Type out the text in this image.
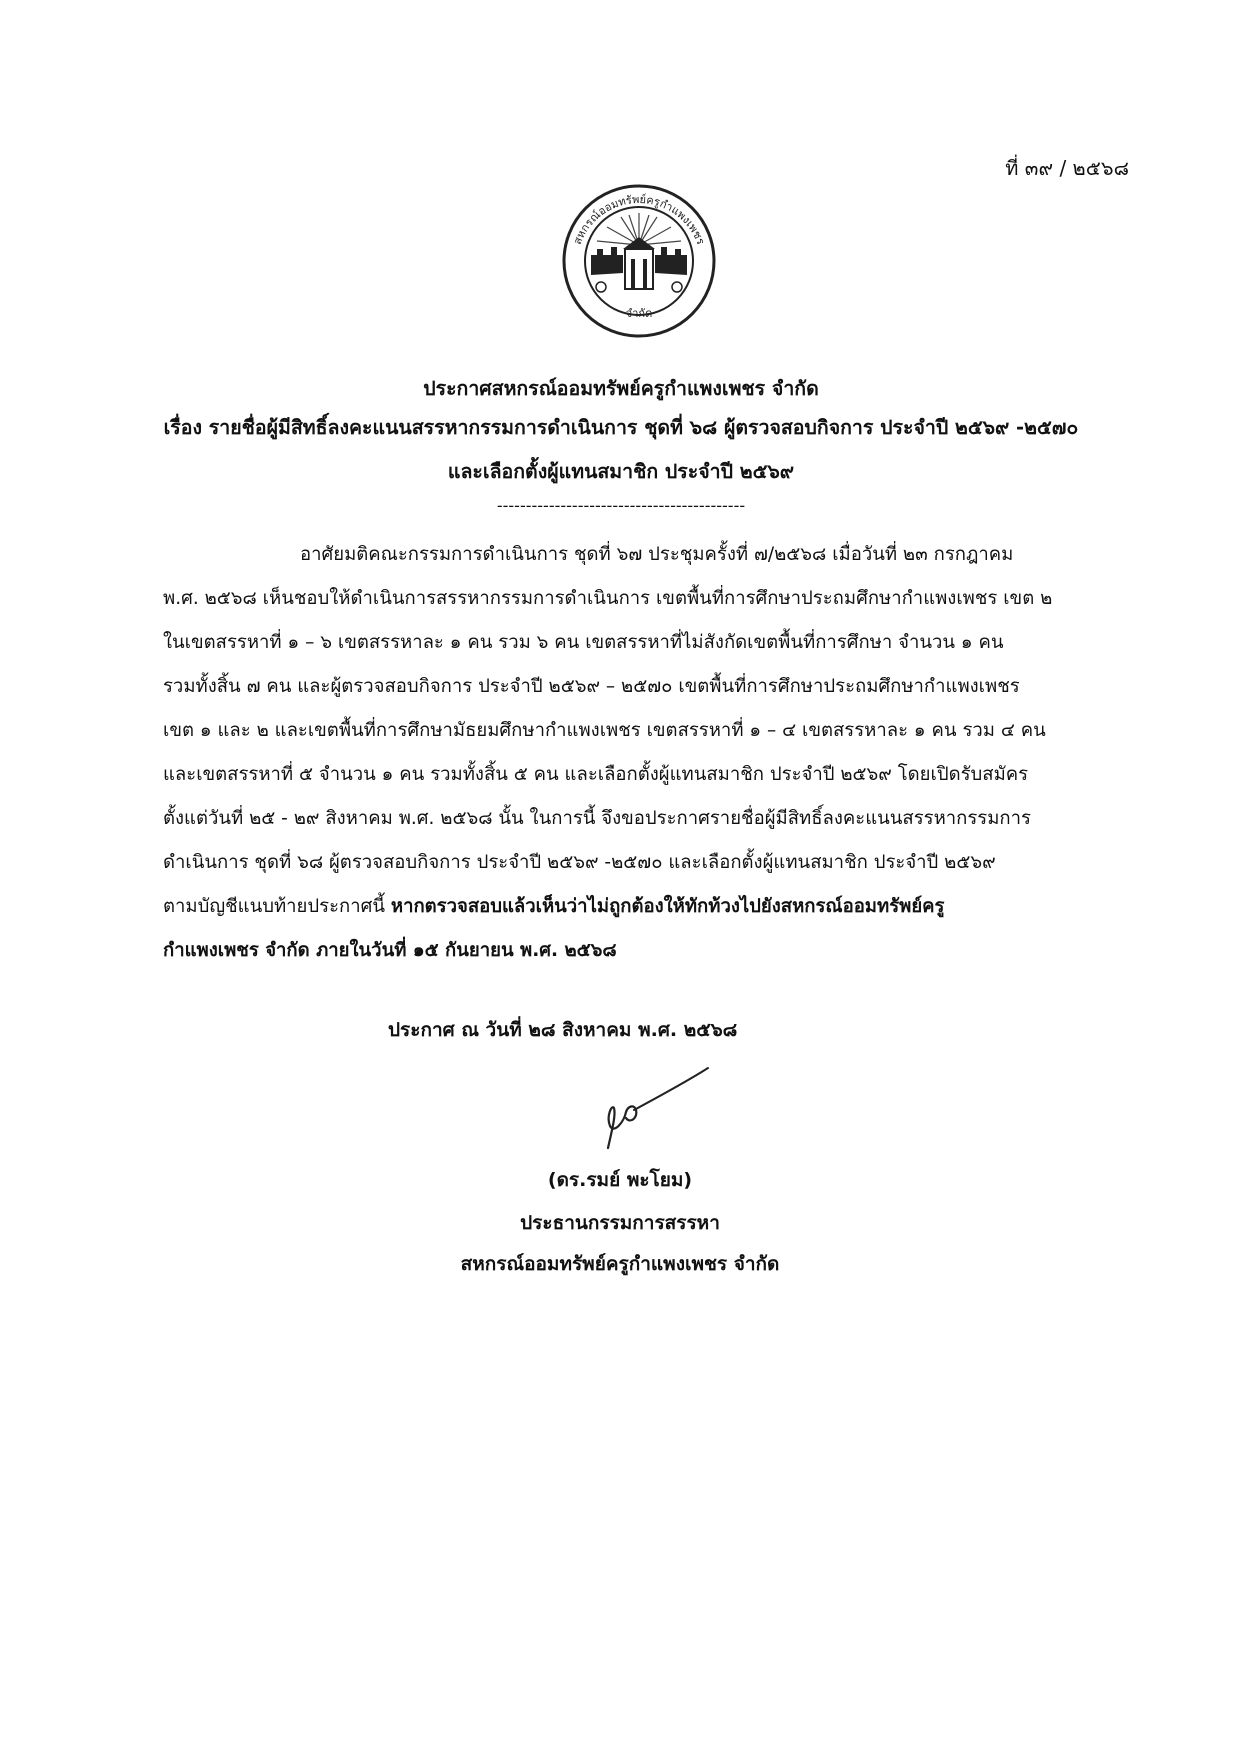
ที่ ๓๙ / ๒๕๖๘
สหกรณ์ออมทรัพย์ครูกำแพงเพชร
จำกัด
ประกาศสหกรณ์ออมทรัพย์ครูกำแพงเพชร จำกัด
เรื่อง รายชื่อผู้มีสิทธิ์ลงคะแนนสรรหากรรมการดำเนินการ ชุดที่ ๖๘ ผู้ตรวจสอบกิจการ ประจำปี ๒๕๖๙ -๒๕๗๐
และเลือกตั้งผู้แทนสมาชิก ประจำปี ๒๕๖๙
-------------------------------------------
อาศัยมติคณะกรรมการดำเนินการ ชุดที่ ๖๗ ประชุมครั้งที่ ๗/๒๕๖๘ เมื่อวันที่ ๒๓ กรกฎาคม
พ.ศ. ๒๕๖๘ เห็นชอบให้ดำเนินการสรรหากรรมการดำเนินการ เขตพื้นที่การศึกษาประถมศึกษากำแพงเพชร เขต ๒
ในเขตสรรหาที่ ๑ – ๖ เขตสรรหาละ ๑ คน รวม ๖ คน เขตสรรหาที่ไม่สังกัดเขตพื้นที่การศึกษา จำนวน ๑ คน
รวมทั้งสิ้น ๗ คน และผู้ตรวจสอบกิจการ ประจำปี ๒๕๖๙ – ๒๕๗๐ เขตพื้นที่การศึกษาประถมศึกษากำแพงเพชร
เขต ๑ และ ๒ และเขตพื้นที่การศึกษามัธยมศึกษากำแพงเพชร เขตสรรหาที่ ๑ – ๔ เขตสรรหาละ ๑ คน รวม ๔ คน
และเขตสรรหาที่ ๕ จำนวน ๑ คน รวมทั้งสิ้น ๕ คน และเลือกตั้งผู้แทนสมาชิก ประจำปี ๒๕๖๙ โดยเปิดรับสมัคร
ตั้งแต่วันที่ ๒๕ - ๒๙ สิงหาคม พ.ศ. ๒๕๖๘ นั้น ในการนี้ จึงขอประกาศรายชื่อผู้มีสิทธิ์ลงคะแนนสรรหากรรมการ
ดำเนินการ ชุดที่ ๖๘ ผู้ตรวจสอบกิจการ ประจำปี ๒๕๖๙ -๒๕๗๐ และเลือกตั้งผู้แทนสมาชิก ประจำปี ๒๕๖๙
ตามบัญชีแนบท้ายประกาศนี้ หากตรวจสอบแล้วเห็นว่าไม่ถูกต้องให้ทักท้วงไปยังสหกรณ์ออมทรัพย์ครู
กำแพงเพชร จำกัด ภายในวันที่ ๑๕ กันยายน พ.ศ. ๒๕๖๘
ประกาศ ณ วันที่ ๒๘ สิงหาคม พ.ศ. ๒๕๖๘
(ดร.รมย์ พะโยม)
ประธานกรรมการสรรหา
สหกรณ์ออมทรัพย์ครูกำแพงเพชร จำกัด
